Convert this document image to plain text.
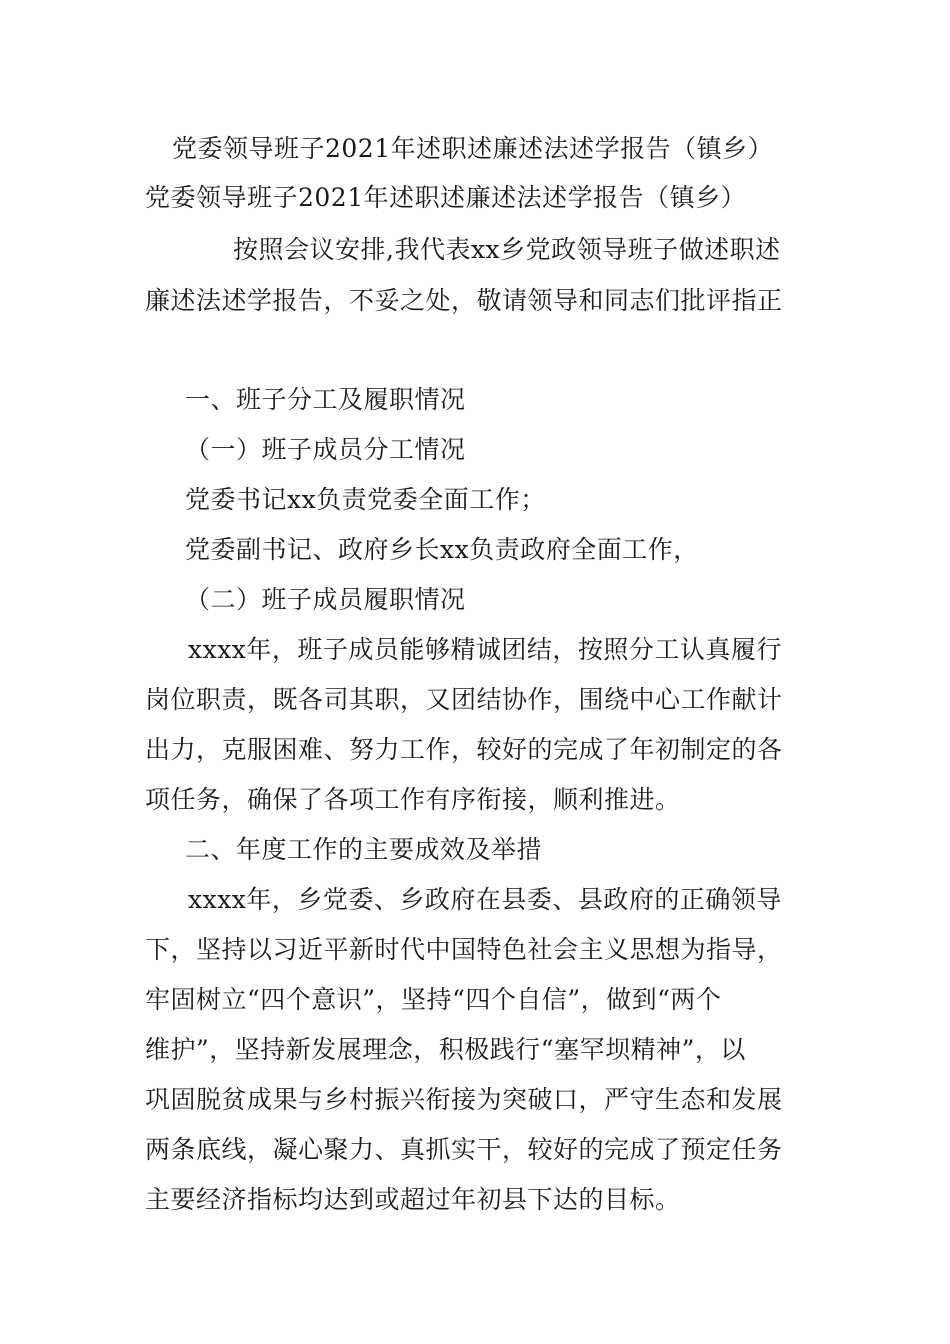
党委领导班子2021年述职述廉述法述学报告（镇乡）
党委领导班子2021年述职述廉述法述学报告（镇乡）
按照会议安排,我代表xx乡党政领导班子做述职述
廉述法述学报告，不妥之处，敬请领导和同志们批评指正
一、班子分工及履职情况
（一）班子成员分工情况
党委书记xx负责党委全面工作；
党委副书记、政府乡长xx负责政府全面工作，
（二）班子成员履职情况
xxxx年，班子成员能够精诚团结，按照分工认真履行
岗位职责，既各司其职，又团结协作，围绕中心工作献计
出力，克服困难、努力工作，较好的完成了年初制定的各
项任务，确保了各项工作有序衔接，顺利推进。
二、年度工作的主要成效及举措
xxxx年，乡党委、乡政府在县委、县政府的正确领导
下，坚持以习近平新时代中国特色社会主义思想为指导，
牢固树立“四个意识”，坚持“四个自信”，做到“两个
维护”，坚持新发展理念，积极践行“塞罕坝精神”，以
巩固脱贫成果与乡村振兴衔接为突破口，严守生态和发展
两条底线，凝心聚力、真抓实干，较好的完成了预定任务
主要经济指标均达到或超过年初县下达的目标。
